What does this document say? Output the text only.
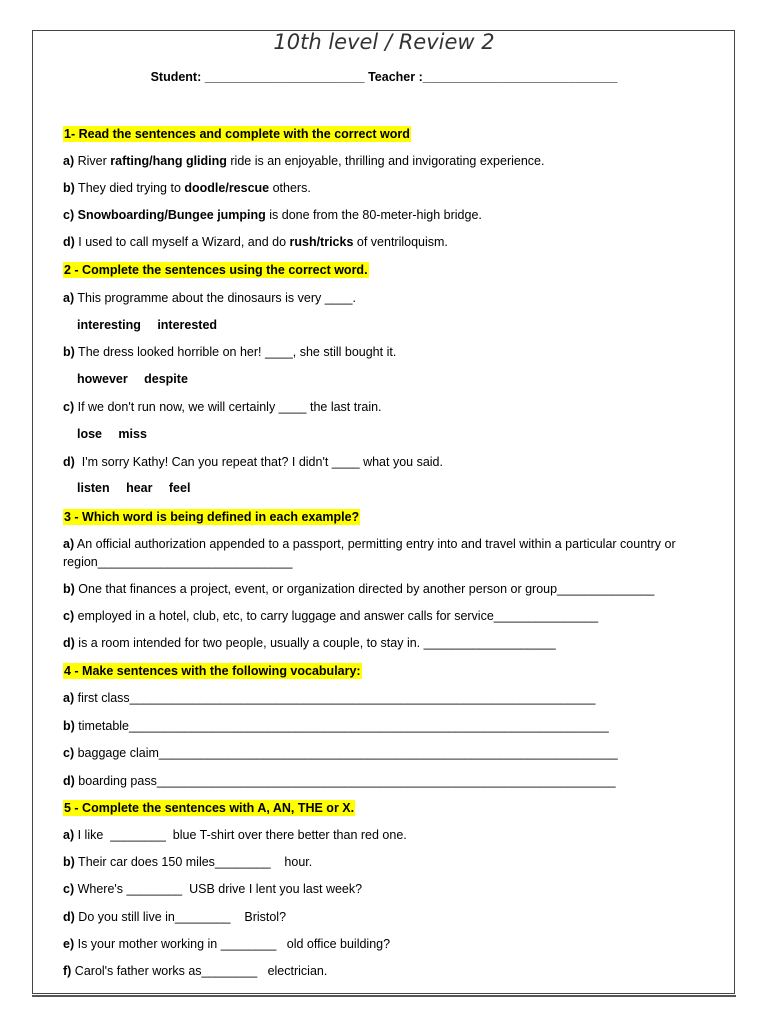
10th level / Review 2
Student: _______________________ Teacher :____________________________
1- Read the sentences and complete with the correct word
a) River rafting/hang gliding ride is an enjoyable, thrilling and invigorating experience.
b) They died trying to doodle/rescue others.
c) Snowboarding/Bungee jumping is done from the 80-meter-high bridge.
d) I used to call myself a Wizard, and do rush/tricks of ventriloquism.
2 - Complete the sentences using the correct word.
a) This programme about the dinosaurs is very ____.
interesting   interested
b) The dress looked horrible on her! ____, she still bought it.
however   despite
c) If we don't run now, we will certainly ____ the last train.
lose   miss
d)  I'm sorry Kathy! Can you repeat that? I didn't ____ what you said.
listen   hear   feel
3 - Which word is being defined in each example?
a) An official authorization appended to a passport, permitting entry into and travel within a particular country or region____________________________
b) One that finances a project, event, or organization directed by another person or group______________
c) employed in a hotel, club, etc, to carry luggage and answer calls for service_______________
d) is a room intended for two people, usually a couple, to stay in. ___________________
4 - Make sentences with the following vocabulary:
a) first class___________________________________________________________________
b) timetable_____________________________________________________________________
c) baggage claim__________________________________________________________________
d) boarding pass__________________________________________________________________
5 - Complete the sentences with A, AN, THE or X.
a) I like  ________  blue T-shirt over there better than red one.
b) Their car does 150 miles________    hour.
c) Where's ________  USB drive I lent you last week?
d) Do you still live in________    Bristol?
e) Is your mother working in ________   old office building?
f) Carol's father works as________   electrician.
